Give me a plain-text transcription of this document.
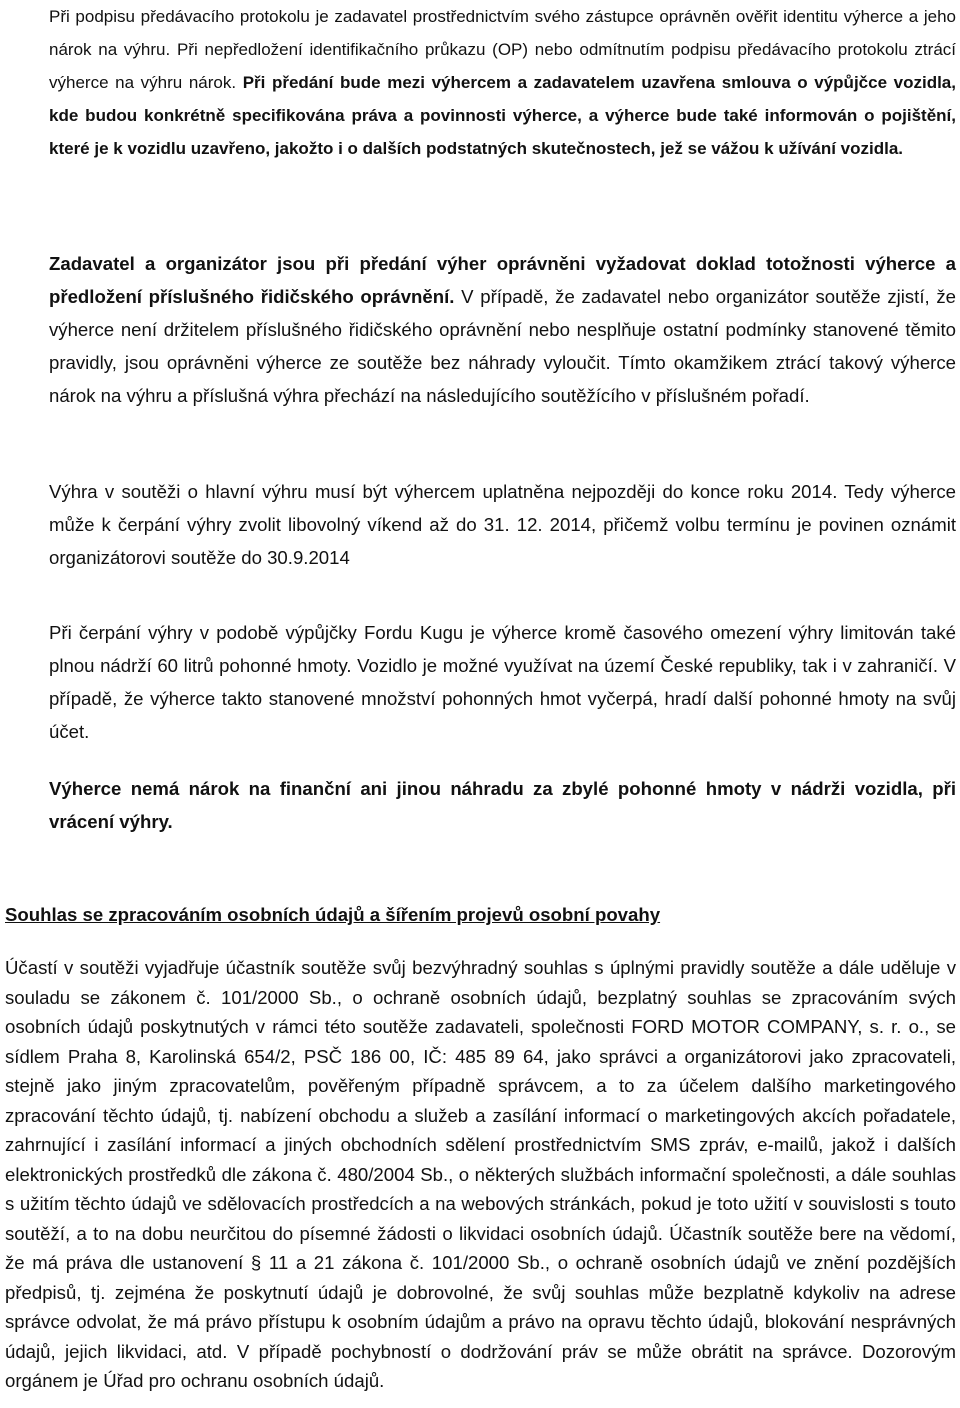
Při podpisu předávacího protokolu je zadavatel prostřednictvím svého zástupce oprávněn ověřit identitu výherce a jeho nárok na výhru. Při nepředložení identifikačního průkazu (OP) nebo odmítnutím podpisu předávacího protokolu ztrácí výherce na výhru nárok. Při předání bude mezi výhercem a zadavatelem uzavřena smlouva o výpůjčce vozidla, kde budou konkrétně specifikována práva a povinnosti výherce, a výherce bude také informován o pojištění, které je k vozidlu uzavřeno, jakožto i o dalších podstatných skutečnostech, jež se vážou k užívání vozidla.

Zadavatel a organizátor jsou při předání výher oprávněni vyžadovat doklad totožnosti výherce a předložení příslušného řidičského oprávnění. V případě, že zadavatel nebo organizátor soutěže zjistí, že výherce není držitelem příslušného řidičského oprávnění nebo nesplňuje ostatní podmínky stanovené těmito pravidly, jsou oprávněni výherce ze soutěže bez náhrady vyloučit. Tímto okamžikem ztrácí takový výherce nárok na výhru a příslušná výhra přechází na následujícího soutěžícího v příslušném pořadí.

Výhra v soutěži o hlavní výhru musí být výhercem uplatněna nejpozději do konce roku 2014. Tedy výherce může k čerpání výhry zvolit libovolný víkend až do 31. 12. 2014, přičemž volbu termínu je povinen oznámit organizátorovi soutěže do 30.9.2014

Při čerpání výhry v podobě výpůjčky Fordu Kugu je výherce kromě časového omezení výhry limitován také plnou nádrží 60 litrů pohonné hmoty. Vozidlo je možné využívat na území České republiky, tak i v zahraničí. V případě, že výherce takto stanovené množství pohonných hmot vyčerpá, hradí další pohonné hmoty na svůj účet.

Výherce nemá nárok na finanční ani jinou náhradu za zbylé pohonné hmoty v nádrži vozidla, při vrácení výhry.

Souhlas se zpracováním osobních údajů a šířením projevů osobní povahy

Účastí v soutěži vyjadřuje účastník soutěže svůj bezvýhradný souhlas s úplnými pravidly soutěže a dále uděluje v souladu se zákonem č. 101/2000 Sb., o ochraně osobních údajů, bezplatný souhlas se zpracováním svých osobních údajů poskytnutých v rámci této soutěže zadavateli, společnosti FORD MOTOR COMPANY, s. r. o., se sídlem Praha 8, Karolinská 654/2, PSČ 186 00, IČ: 485 89 64, jako správci a organizátorovi jako zpracovateli, stejně jako jiným zpracovatelům, pověřeným případně správcem, a to za účelem dalšího marketingového zpracování těchto údajů, tj. nabízení obchodu a služeb a zasílání informací o marketingových akcích pořadatele, zahrnující i zasílání informací a jiných obchodních sdělení prostřednictvím SMS zpráv, e-mailů, jakož i dalších elektronických prostředků dle zákona č. 480/2004 Sb., o některých službách informační společnosti, a dále souhlas s užitím těchto údajů ve sdělovacích prostředcích a na webových stránkách, pokud je toto užití v souvislosti s touto soutěží, a to na dobu neurčitou do písemné žádosti o likvidaci osobních údajů. Účastník soutěže bere na vědomí, že má práva dle ustanovení § 11 a 21 zákona č. 101/2000 Sb., o ochraně osobních údajů ve znění pozdějších předpisů, tj. zejména že poskytnutí údajů je dobrovolné, že svůj souhlas může bezplatně kdykoliv na adrese správce odvolat, že má právo přístupu k osobním údajům a právo na opravu těchto údajů, blokování nesprávných údajů, jejich likvidaci, atd. V případě pochybností o dodržování práv se může obrátit na správce. Dozorovým orgánem je Úřad pro ochranu osobních údajů.
